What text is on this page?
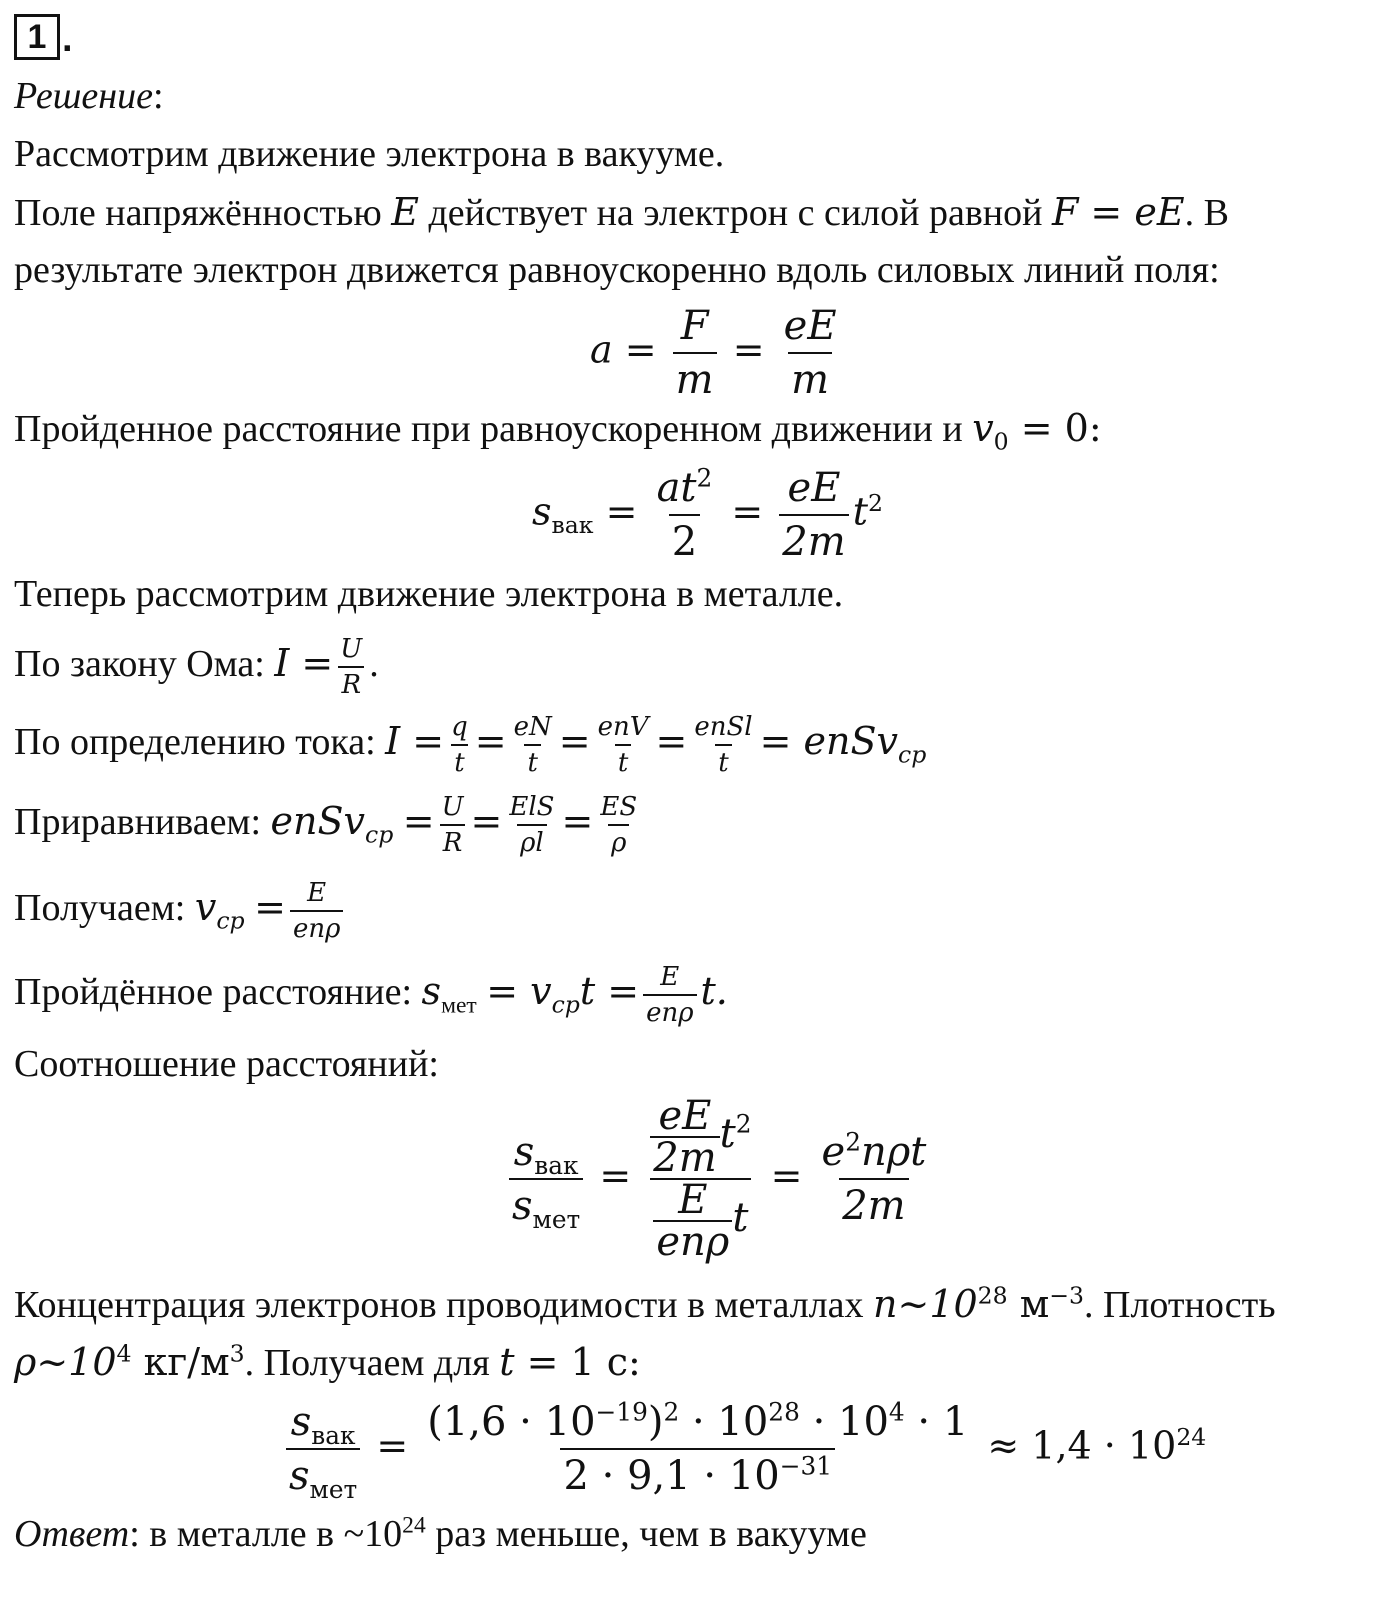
1 .
Решение:
Рассмотрим движение электрона в вакууме.
Поле напряжённостью E действует на электрон с силой равной F = eE. В
результате электрон движется равноускоренно вдоль силовых линий поля:
$a = \frac{F}{m} = \frac{eE}{m}$
Пройденное расстояние при равноускоренном движении и $v_0 = 0$:
$s_{вак} = \frac{at^2}{2} = \frac{eE}{2m} t^2$
Теперь рассмотрим движение электрона в металле.
По закону Ома: $I = \frac{U}{R}$ .
По определению тока: $I = \frac{q}{t} = \frac{eN}{t} = \frac{\text{enV}}{t} = \frac{\text{enSl}}{t}$ = enSv$_{cp}$
Приравниваем: enSv$_{cp}$ = $\frac{U}{R} = \frac{\text{ElS}}{\rho l} = \frac{ES}{\rho}$
Получаем: $v_{cp} = \frac{E}{\text{enρ}}$
Пройдённое расстояние: $s_{мет} = v_{cp}t = \frac{E}{\text{enρ}} t$.
Соотношение расстояний:
$\frac{s_{вак}}{s_{мет}} = \frac{\frac{eE}{2m} t^2}{\frac{E}{\text{enρ}} t} = \frac{e^2n\rho t}{2m}$
Концентрация электронов проводимости в металлах $n\sim 10^{28}$ $м^{-3}$. Плотность
$\rho\sim 10^4$ $кг/м^3$. Получаем для t = 1 с:
$\frac{s_{вак}}{s_{мет}} = \frac{(1,6 \cdot 10^{-19})^2 \cdot 10^{28} \cdot 10^4 \cdot 1}{2 \cdot 9,1 \cdot 10^{-31}} \approx 1,4 \cdot 10^{24}$
Ответ: в металле в $\sim 10^{24}$ раз меньше, чем в вакууме
